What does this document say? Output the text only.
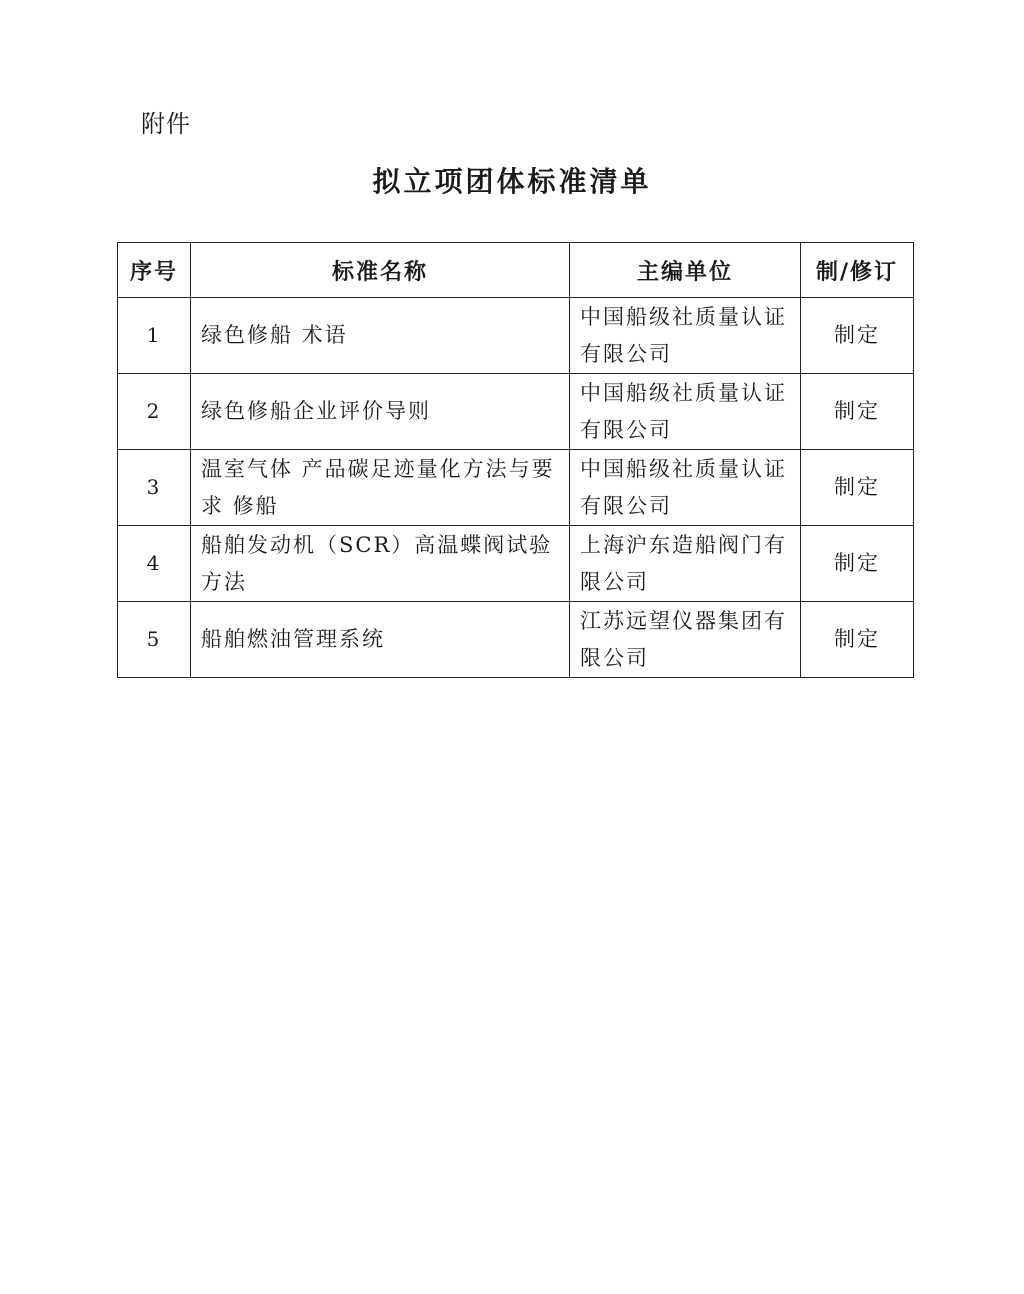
附件
拟立项团体标准清单
序号	标准名称	主编单位	制/修订
1	绿色修船 术语	中国船级社质量认证有限公司	制定
2	绿色修船企业评价导则	中国船级社质量认证有限公司	制定
3	温室气体 产品碳足迹量化方法与要求 修船	中国船级社质量认证有限公司	制定
4	船舶发动机（SCR）高温蝶阀试验方法	上海沪东造船阀门有限公司	制定
5	船舶燃油管理系统	江苏远望仪器集团有限公司	制定
